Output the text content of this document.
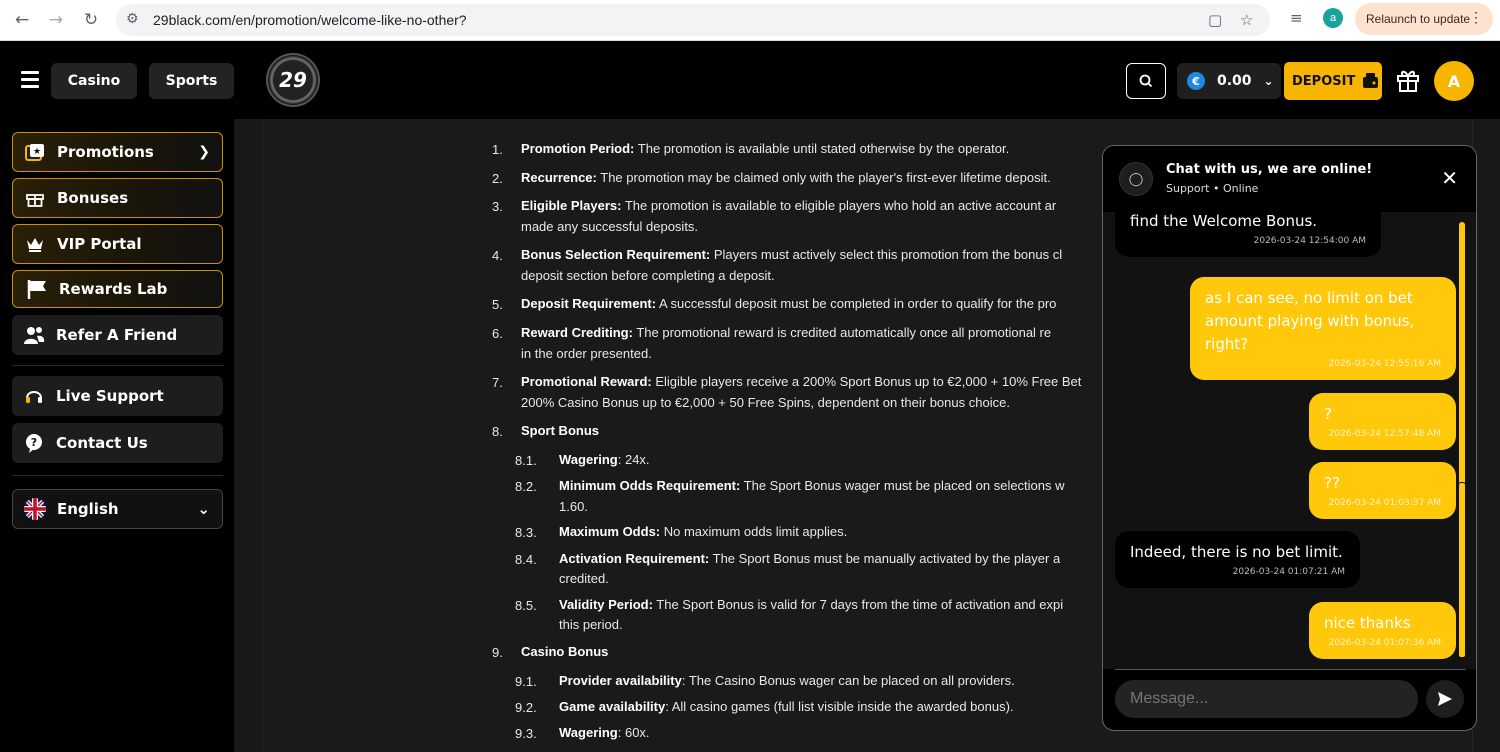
←	→	↻	⚙ 29black.com/en/promotion/welcome-like-no-other?	▢ ☆ ≡	a	Relaunch to update
⋮
Casino	Sports	29	€	0.00 ⌄ DEPOSIT	A
★ Promotions	❯
Bonuses
VIP Portal
Rewards Lab
Refer A Friend
Live Support
? Contact Us
English	⌄
1. Promotion Period: The promotion is available until stated otherwise by the operator.
2. Recurrence: The promotion may be claimed only with the player's first-ever lifetime deposit.
3. Eligible Players: The promotion is available to eligible players who hold an active account ar
made any successful deposits.
4. Bonus Selection Requirement: Players must actively select this promotion from the bonus cl
deposit section before completing a deposit.
5. Deposit Requirement: A successful deposit must be completed in order to qualify for the pro
6. Reward Crediting: The promotional reward is credited automatically once all promotional re
in the order presented.
7. Promotional Reward: Eligible players receive a 200% Sport Bonus up to €2,000 + 10% Free Bet
200% Casino Bonus up to €2,000 + 50 Free Spins, dependent on their bonus choice.
8. Sport Bonus
8.1. Wagering: 24x.
8.2. Minimum Odds Requirement: The Sport Bonus wager must be placed on selections w
1.60.
8.3. Maximum Odds: No maximum odds limit applies.
8.4. Activation Requirement: The Sport Bonus must be manually activated by the player a
credited.
8.5. Validity Period: The Sport Bonus is valid for 7 days from the time of activation and expi
this period.
9. Casino Bonus
9.1. Provider availability: The Casino Bonus wager can be placed on all providers.
9.2. Game availability: All casino games (full list visible inside the awarded bonus).
9.3. Wagering: 60x.
◯
Chat with us, we are online!
Support • Online	✕
find the Welcome Bonus.
2026-03-24 12:54:00 AM
as I can see, no limit on bet amount playing with bonus, right?
2026-03-24 12:55:16 AM
?
2026-03-24 12:57:48 AM
??
2026-03-24 01:03:37 AM
Indeed, there is no bet limit.
2026-03-24 01:07:21 AM
nice thanks
2026-03-24 01:07:36 AM
Message...
